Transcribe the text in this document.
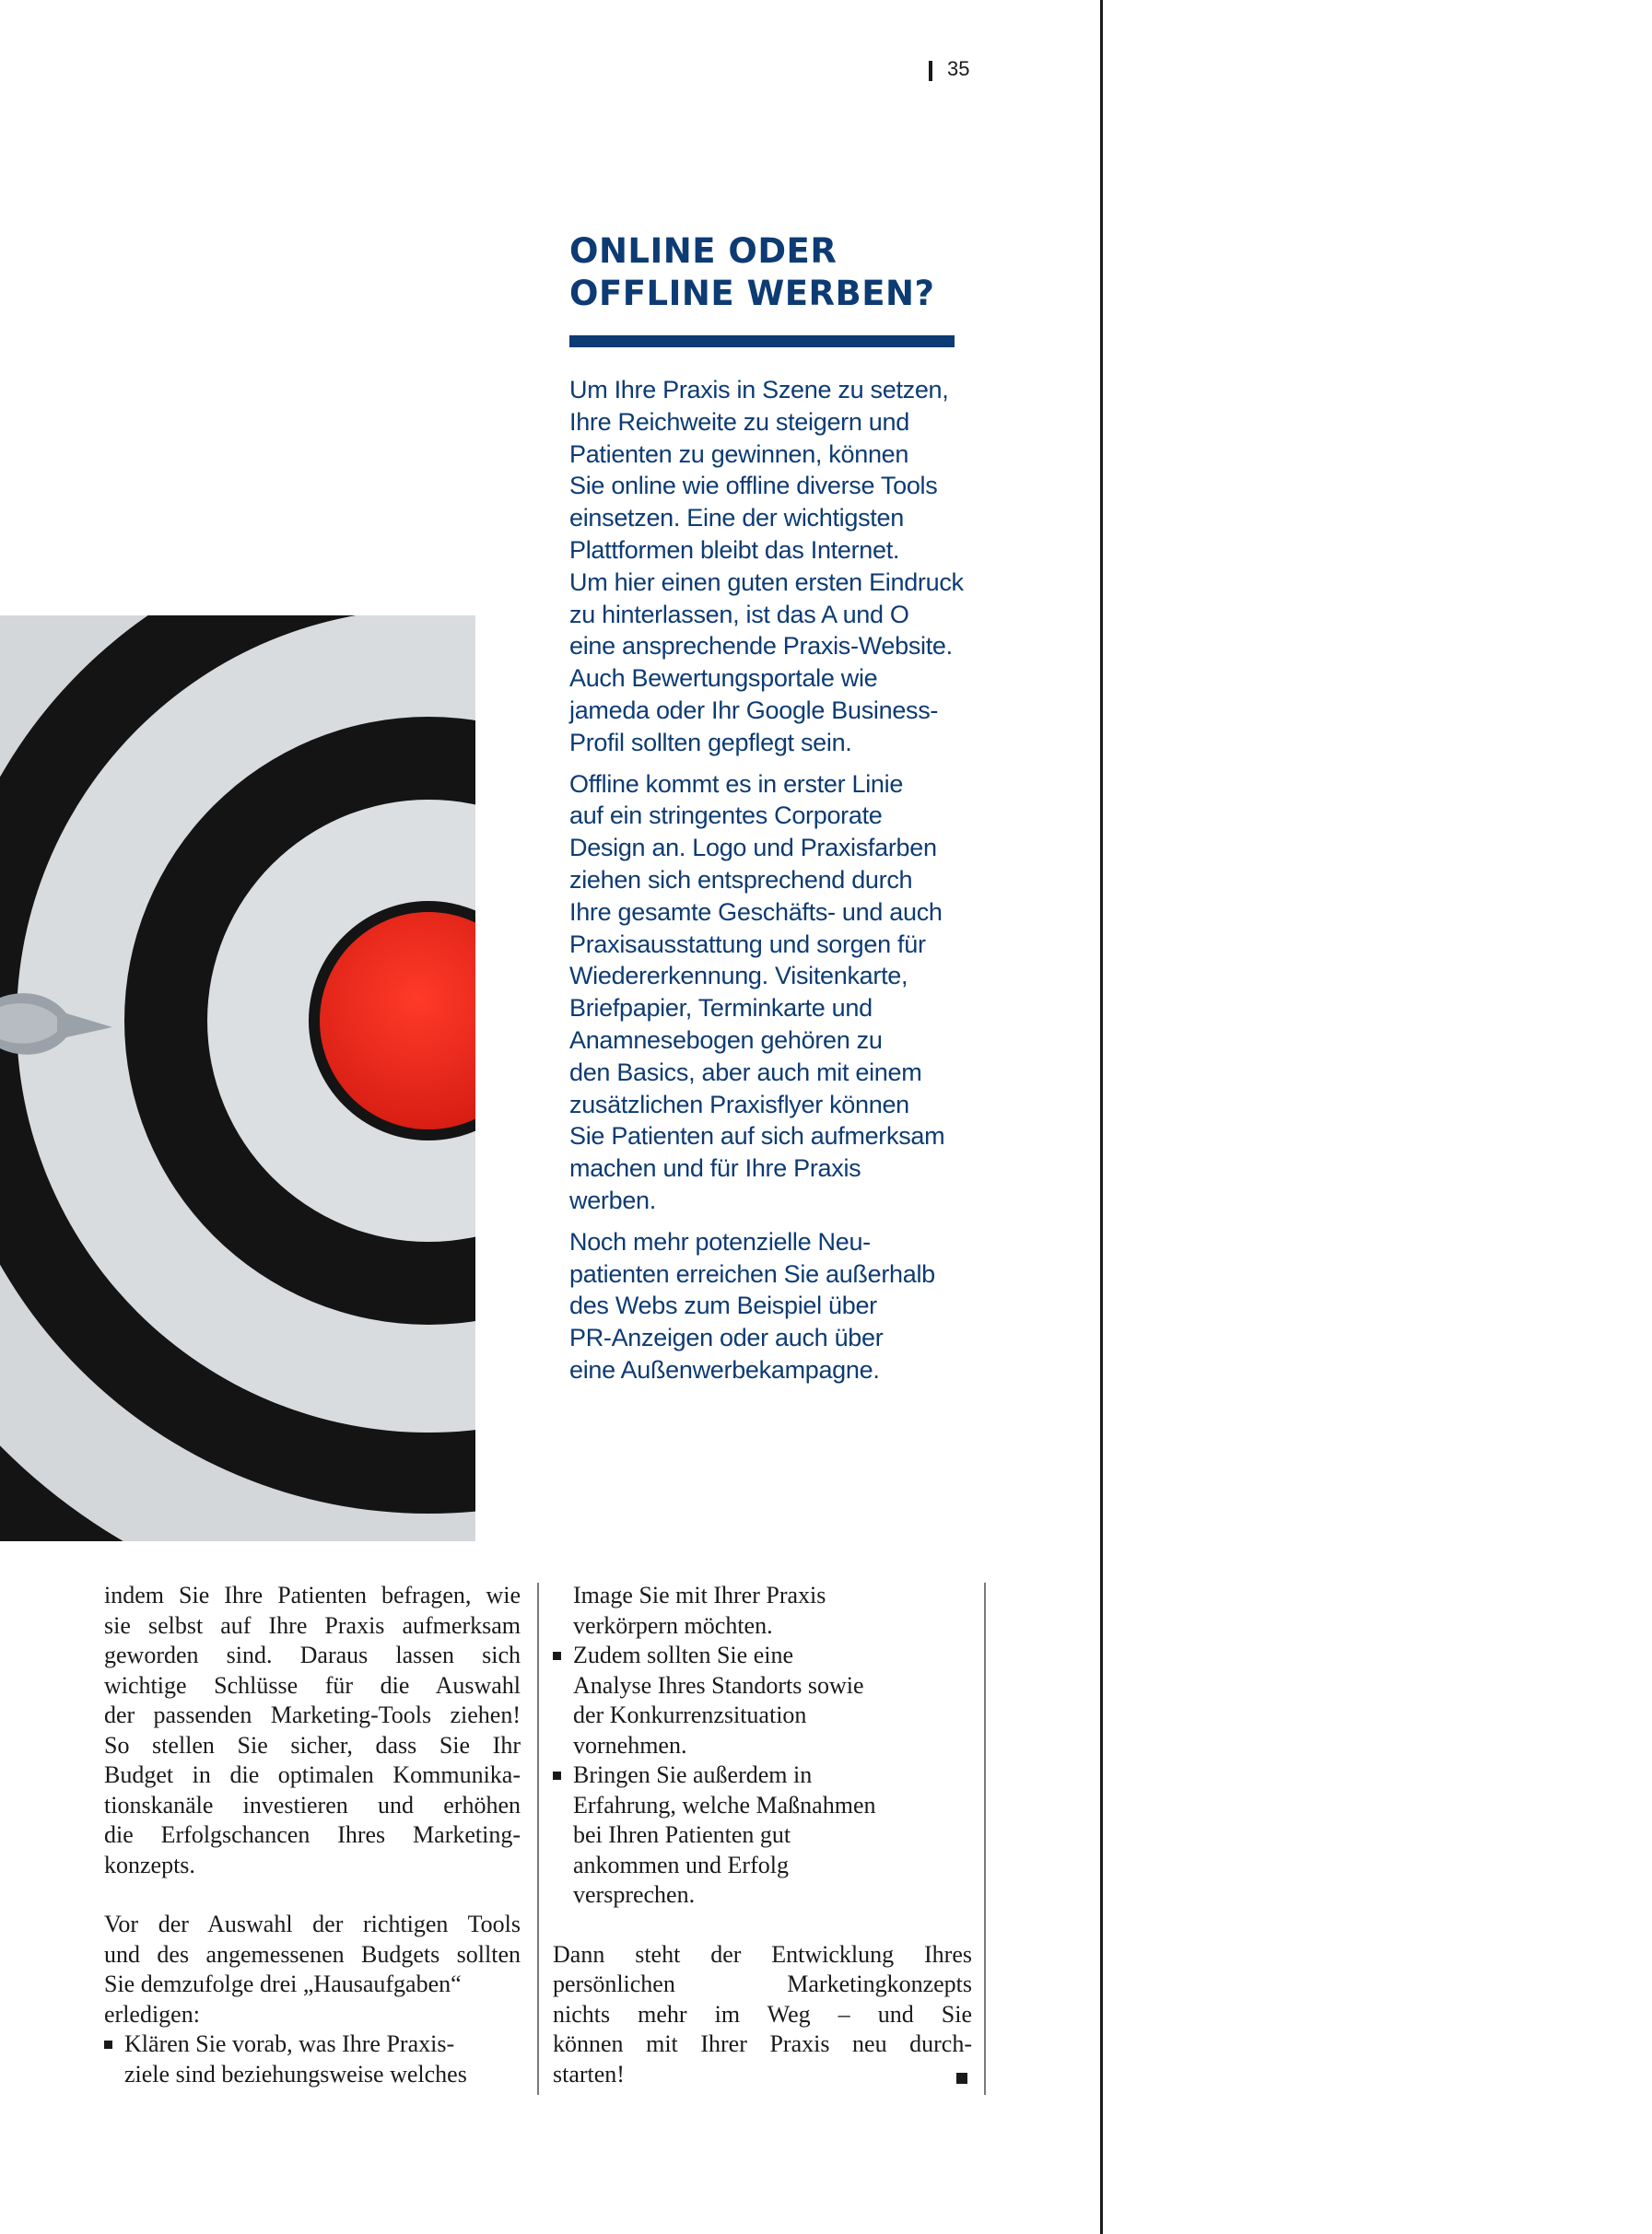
35
ONLINE ODER
OFFLINE WERBEN?

Um Ihre Praxis in Szene zu setzen,
Ihre Reichweite zu steigern und
Patienten zu gewinnen, können
Sie online wie offline diverse Tools
einsetzen. Eine der wichtigsten
Plattformen bleibt das Internet.
Um hier einen guten ersten Eindruck
zu hinterlassen, ist das A und O
eine ansprechende Praxis-Website.
Auch Bewertungsportale wie
jameda oder Ihr Google Business-
Profil sollten gepflegt sein.

Offline kommt es in erster Linie
auf ein stringentes Corporate
Design an. Logo und Praxisfarben
ziehen sich entsprechend durch
Ihre gesamte Geschäfts- und auch
Praxisausstattung und sorgen für
Wiedererkennung. Visitenkarte,
Briefpapier, Terminkarte und
Anamnesebogen gehören zu
den Basics, aber auch mit einem
zusätzlichen Praxisflyer können
Sie Patienten auf sich aufmerksam
machen und für Ihre Praxis
werben.

Noch mehr potenzielle Neu-
patienten erreichen Sie außerhalb
des Webs zum Beispiel über
PR-Anzeigen oder auch über
eine Außenwerbekampagne.

indem Sie Ihre Patienten befragen, wie
sie selbst auf Ihre Praxis aufmerksam
geworden sind. Daraus lassen sich
wichtige Schlüsse für die Auswahl
der passenden Marketing-Tools ziehen!
So stellen Sie sicher, dass Sie Ihr
Budget in die optimalen Kommunika-
tionskanäle investieren und erhöhen
die Erfolgschancen Ihres Marketing-
konzepts.

Vor der Auswahl der richtigen Tools
und des angemessenen Budgets sollten
Sie demzufolge drei „Hausaufgaben“
erledigen:

Klären Sie vorab, was Ihre Praxis-
ziele sind beziehungsweise welches
Image Sie mit Ihrer Praxis
verkörpern möchten.
Zudem sollten Sie eine
Analyse Ihres Standorts sowie
der Konkurrenzsituation
vornehmen.
Bringen Sie außerdem in
Erfahrung, welche Maßnahmen
bei Ihren Patienten gut
ankommen und Erfolg
versprechen.

Dann steht der Entwicklung Ihres
persönlichen Marketingkonzepts
nichts mehr im Weg – und Sie
können mit Ihrer Praxis neu durch-
starten!
